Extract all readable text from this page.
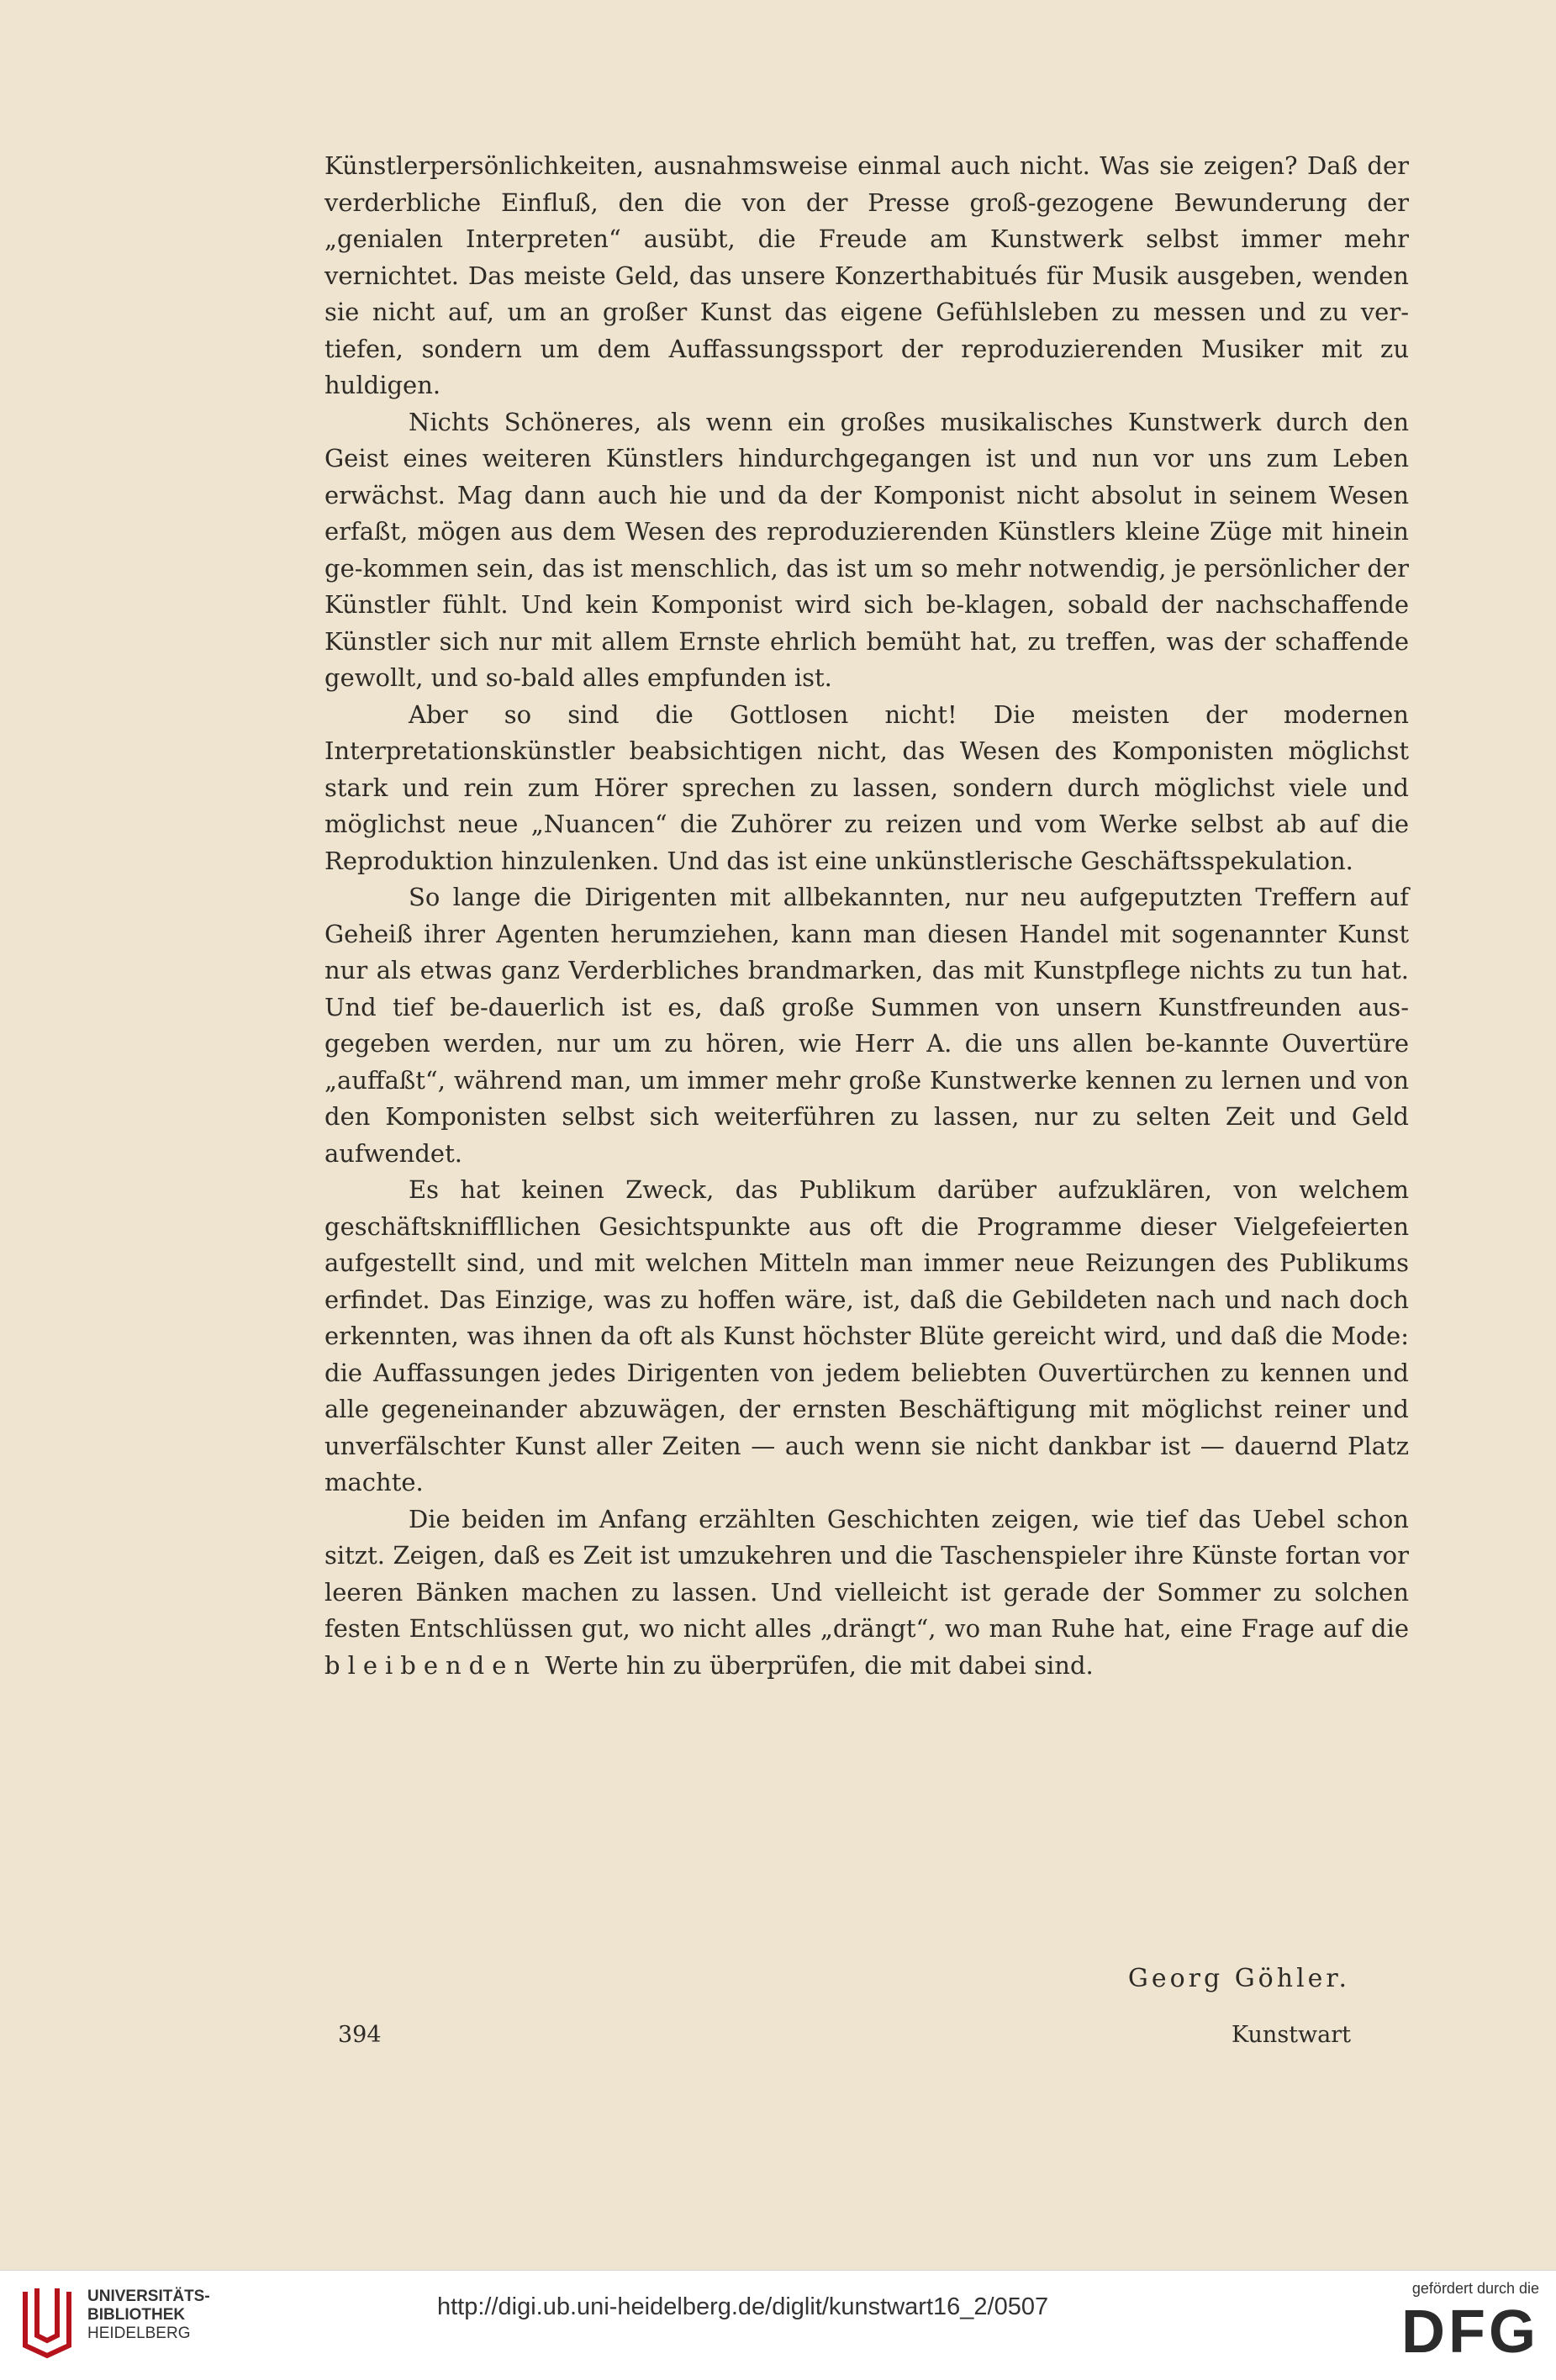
Künstlerpersönlichkeiten, ausnahmsweise einmal auch nicht. Was sie zeigen? Daß der verderbliche Einfluß, den die von der Presse groß-gezogene Bewunderung der „genialen Interpreten“ ausübt, die Freude am Kunstwerk selbst immer mehr vernichtet. Das meiste Geld, das unsere Konzerthabitués für Musik ausgeben, wenden sie nicht auf, um an großer Kunst das eigene Gefühlsleben zu messen und zu ver-tiefen, sondern um dem Auffassungssport der reproduzierenden Musiker mit zu huldigen.

Nichts Schöneres, als wenn ein großes musikalisches Kunstwerk durch den Geist eines weiteren Künstlers hindurchgegangen ist und nun vor uns zum Leben erwächst. Mag dann auch hie und da der Komponist nicht absolut in seinem Wesen erfaßt, mögen aus dem Wesen des reproduzierenden Künstlers kleine Züge mit hinein ge-kommen sein, das ist menschlich, das ist um so mehr notwendig, je persönlicher der Künstler fühlt. Und kein Komponist wird sich be-klagen, sobald der nachschaffende Künstler sich nur mit allem Ernste ehrlich bemüht hat, zu treffen, was der schaffende gewollt, und so-bald alles empfunden ist.

Aber so sind die Gottlosen nicht! Die meisten der modernen Interpretationskünstler beabsichtigen nicht, das Wesen des Komponisten möglichst stark und rein zum Hörer sprechen zu lassen, sondern durch möglichst viele und möglichst neue „Nuancen“ die Zuhörer zu reizen und vom Werke selbst ab auf die Reproduktion hinzulenken. Und das ist eine unkünstlerische Geschäftsspekulation.

So lange die Dirigenten mit allbekannten, nur neu aufgeputzten Treffern auf Geheiß ihrer Agenten herumziehen, kann man diesen Handel mit sogenannter Kunst nur als etwas ganz Verderbliches brandmarken, das mit Kunstpflege nichts zu tun hat. Und tief be-dauerlich ist es, daß große Summen von unsern Kunstfreunden aus-gegeben werden, nur um zu hören, wie Herr A. die uns allen be-kannte Ouvertüre „auffaßt“, während man, um immer mehr große Kunstwerke kennen zu lernen und von den Komponisten selbst sich weiterführen zu lassen, nur zu selten Zeit und Geld aufwendet.

Es hat keinen Zweck, das Publikum darüber aufzuklären, von welchem geschäftskniffllichen Gesichtspunkte aus oft die Programme dieser Vielgefeierten aufgestellt sind, und mit welchen Mitteln man immer neue Reizungen des Publikums erfindet. Das Einzige, was zu hoffen wäre, ist, daß die Gebildeten nach und nach doch erkennten, was ihnen da oft als Kunst höchster Blüte gereicht wird, und daß die Mode: die Auffassungen jedes Dirigenten von jedem beliebten Ouvertürchen zu kennen und alle gegeneinander abzuwägen, der ernsten Beschäftigung mit möglichst reiner und unverfälschter Kunst aller Zeiten — auch wenn sie nicht dankbar ist — dauernd Platz machte.

Die beiden im Anfang erzählten Geschichten zeigen, wie tief das Uebel schon sitzt. Zeigen, daß es Zeit ist umzukehren und die Taschenspieler ihre Künste fortan vor leeren Bänken machen zu lassen. Und vielleicht ist gerade der Sommer zu solchen festen Entschlüssen gut, wo nicht alles „drängt“, wo man Ruhe hat, eine Frage auf die bleibenden Werte hin zu überprüfen, die mit dabei sind.

Georg Göhler.
394	Kunstwart
UNIVERSITÄTS-
BIBLIOTHEK
HEIDELBERG
http://digi.ub.uni-heidelberg.de/diglit/kunstwart16_2/0507
gefördert durch die
DFG
